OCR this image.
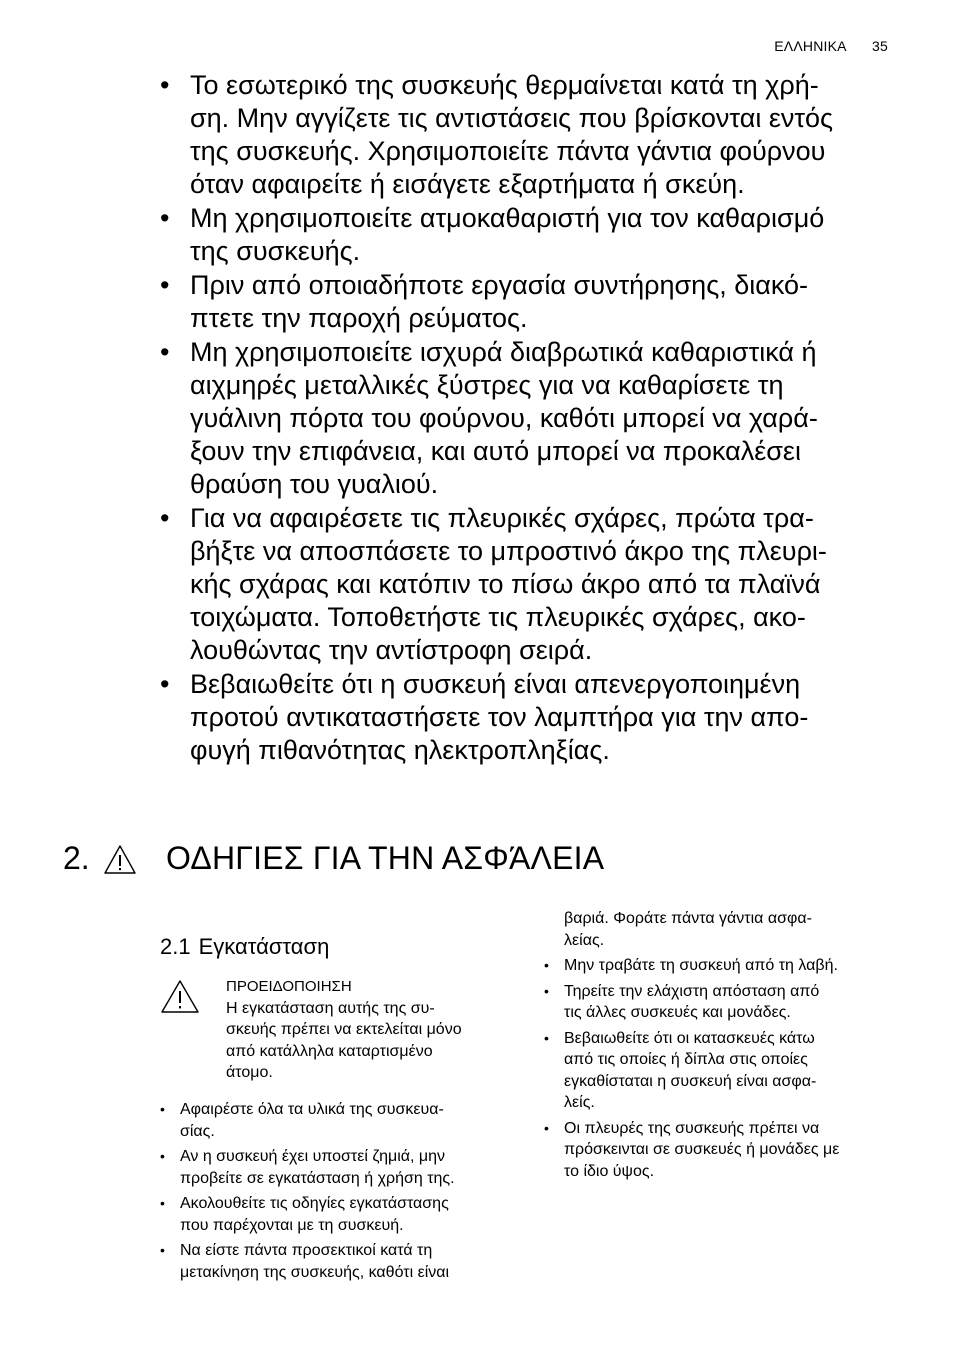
ΕΛΛΗΝΙΚΑ 35
• Το εσωτερικό της συσκευής θερμαίνεται κατά τη χρή-
ση. Μην αγγίζετε τις αντιστάσεις που βρίσκονται εντός
της συσκευής. Χρησιμοποιείτε πάντα γάντια φούρνου
όταν αφαιρείτε ή εισάγετε εξαρτήματα ή σκεύη.
• Μη χρησιμοποιείτε ατμοκαθαριστή για τον καθαρισμό
της συσκευής.
• Πριν από οποιαδήποτε εργασία συντήρησης, διακό-
πτετε την παροχή ρεύματος.
• Μη χρησιμοποιείτε ισχυρά διαβρωτικά καθαριστικά ή
αιχμηρές μεταλλικές ξύστρες για να καθαρίσετε τη
γυάλινη πόρτα του φούρνου, καθότι μπορεί να χαρά-
ξουν την επιφάνεια, και αυτό μπορεί να προκαλέσει
θραύση του γυαλιού.
• Για να αφαιρέσετε τις πλευρικές σχάρες, πρώτα τρα-
βήξτε να αποσπάσετε το μπροστινό άκρο της πλευρι-
κής σχάρας και κατόπιν το πίσω άκρο από τα πλαϊνά
τοιχώματα. Τοποθετήστε τις πλευρικές σχάρες, ακο-
λουθώντας την αντίστροφη σειρά.
• Βεβαιωθείτε ότι η συσκευή είναι απενεργοποιημένη
προτού αντικαταστήσετε τον λαμπτήρα για την απο-
φυγή πιθανότητας ηλεκτροπληξίας.
2. ΟΔΗΓΙΕΣ ΓΙΑ ΤΗΝ ΑΣΦΆΛΕΙΑ
2.1 Εγκατάσταση
ΠΡΟΕΙΔΟΠΟΙΗΣΗ
Η εγκατάσταση αυτής της συ-
σκευής πρέπει να εκτελείται μόνο
από κατάλληλα καταρτισμένο
άτομο.
• Αφαιρέστε όλα τα υλικά της συσκευα-
σίας.
• Αν η συσκευή έχει υποστεί ζημιά, μην
προβείτε σε εγκατάσταση ή χρήση της.
• Ακολουθείτε τις οδηγίες εγκατάστασης
που παρέχονται με τη συσκευή.
• Να είστε πάντα προσεκτικοί κατά τη
μετακίνηση της συσκευής, καθότι είναι
βαριά. Φοράτε πάντα γάντια ασφα-
λείας.
• Μην τραβάτε τη συσκευή από τη λαβή.
• Τηρείτε την ελάχιστη απόσταση από
τις άλλες συσκευές και μονάδες.
• Βεβαιωθείτε ότι οι κατασκευές κάτω
από τις οποίες ή δίπλα στις οποίες
εγκαθίσταται η συσκευή είναι ασφα-
λείς.
• Οι πλευρές της συσκευής πρέπει να
πρόσκεινται σε συσκευές ή μονάδες με
το ίδιο ύψος.
